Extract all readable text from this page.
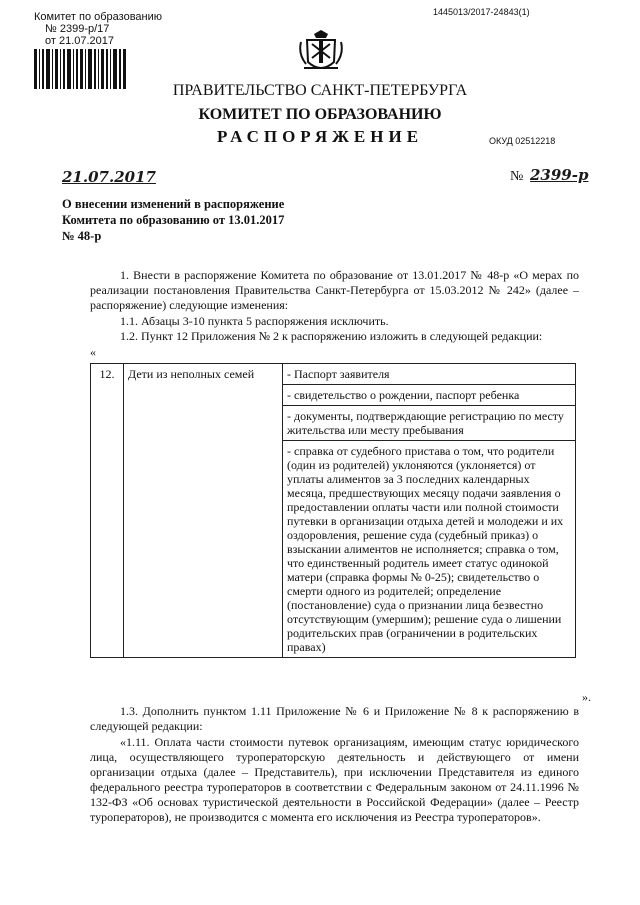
Комитет по образованию
№ 2399-р/17
от 21.07.2017
1445013/2017-24843(1)
ПРАВИТЕЛЬСТВО САНКТ-ПЕТЕРБУРГА
КОМИТЕТ ПО ОБРАЗОВАНИЮ
РАСПОРЯЖЕНИЕ	ОКУД 02512218
21.07.2017	№ 2399-р
О внесении изменений в распоряжение
Комитета по образованию от 13.01.2017
№ 48-р
1. Внести в распоряжение Комитета по образование от 13.01.2017 № 48-р «О мерах по реализации постановления Правительства Санкт-Петербурга от 15.03.2012 № 242» (далее – распоряжение) следующие изменения:
1.1. Абзацы 3-10 пункта 5 распоряжения исключить.
1.2. Пункт 12 Приложения № 2 к распоряжению изложить в следующей редакции:
«
12.	Дети из неполных семей	- Паспорт заявителя
- свидетельство о рождении, паспорт ребенка
- документы, подтверждающие регистрацию по месту жительства или месту пребывания
- справка от судебного пристава о том, что родители (один из родителей) уклоняются (уклоняется) от уплаты алиментов за 3 последних календарных месяца, предшествующих месяцу подачи заявления о предоставлении оплаты части или полной стоимости путевки в организации отдыха детей и молодежи и их оздоровления, решение суда (судебный приказ) о взыскании алиментов не исполняется; справка о том, что единственный родитель имеет статус одинокой матери (справка формы № 0-25); свидетельство о смерти одного из родителей; определение (постановление) суда о признании лица безвестно отсутствующим (умершим); решение суда о лишении родительских прав (ограничении в родительских правах)
».
1.3. Дополнить пунктом 1.11 Приложение № 6 и Приложение № 8 к распоряжению в следующей редакции:
«1.11. Оплата части стоимости путевок организациям, имеющим статус юридического лица, осуществляющего туроператорскую деятельность и действующего от имени организации отдыха (далее – Представитель), при исключении Представителя из единого федерального реестра туроператоров в соответствии с Федеральным законом от 24.11.1996 № 132-ФЗ «Об основах туристической деятельности в Российской Федерации» (далее – Реестр туроператоров), не производится с момента его исключения из Реестра туроператоров».
